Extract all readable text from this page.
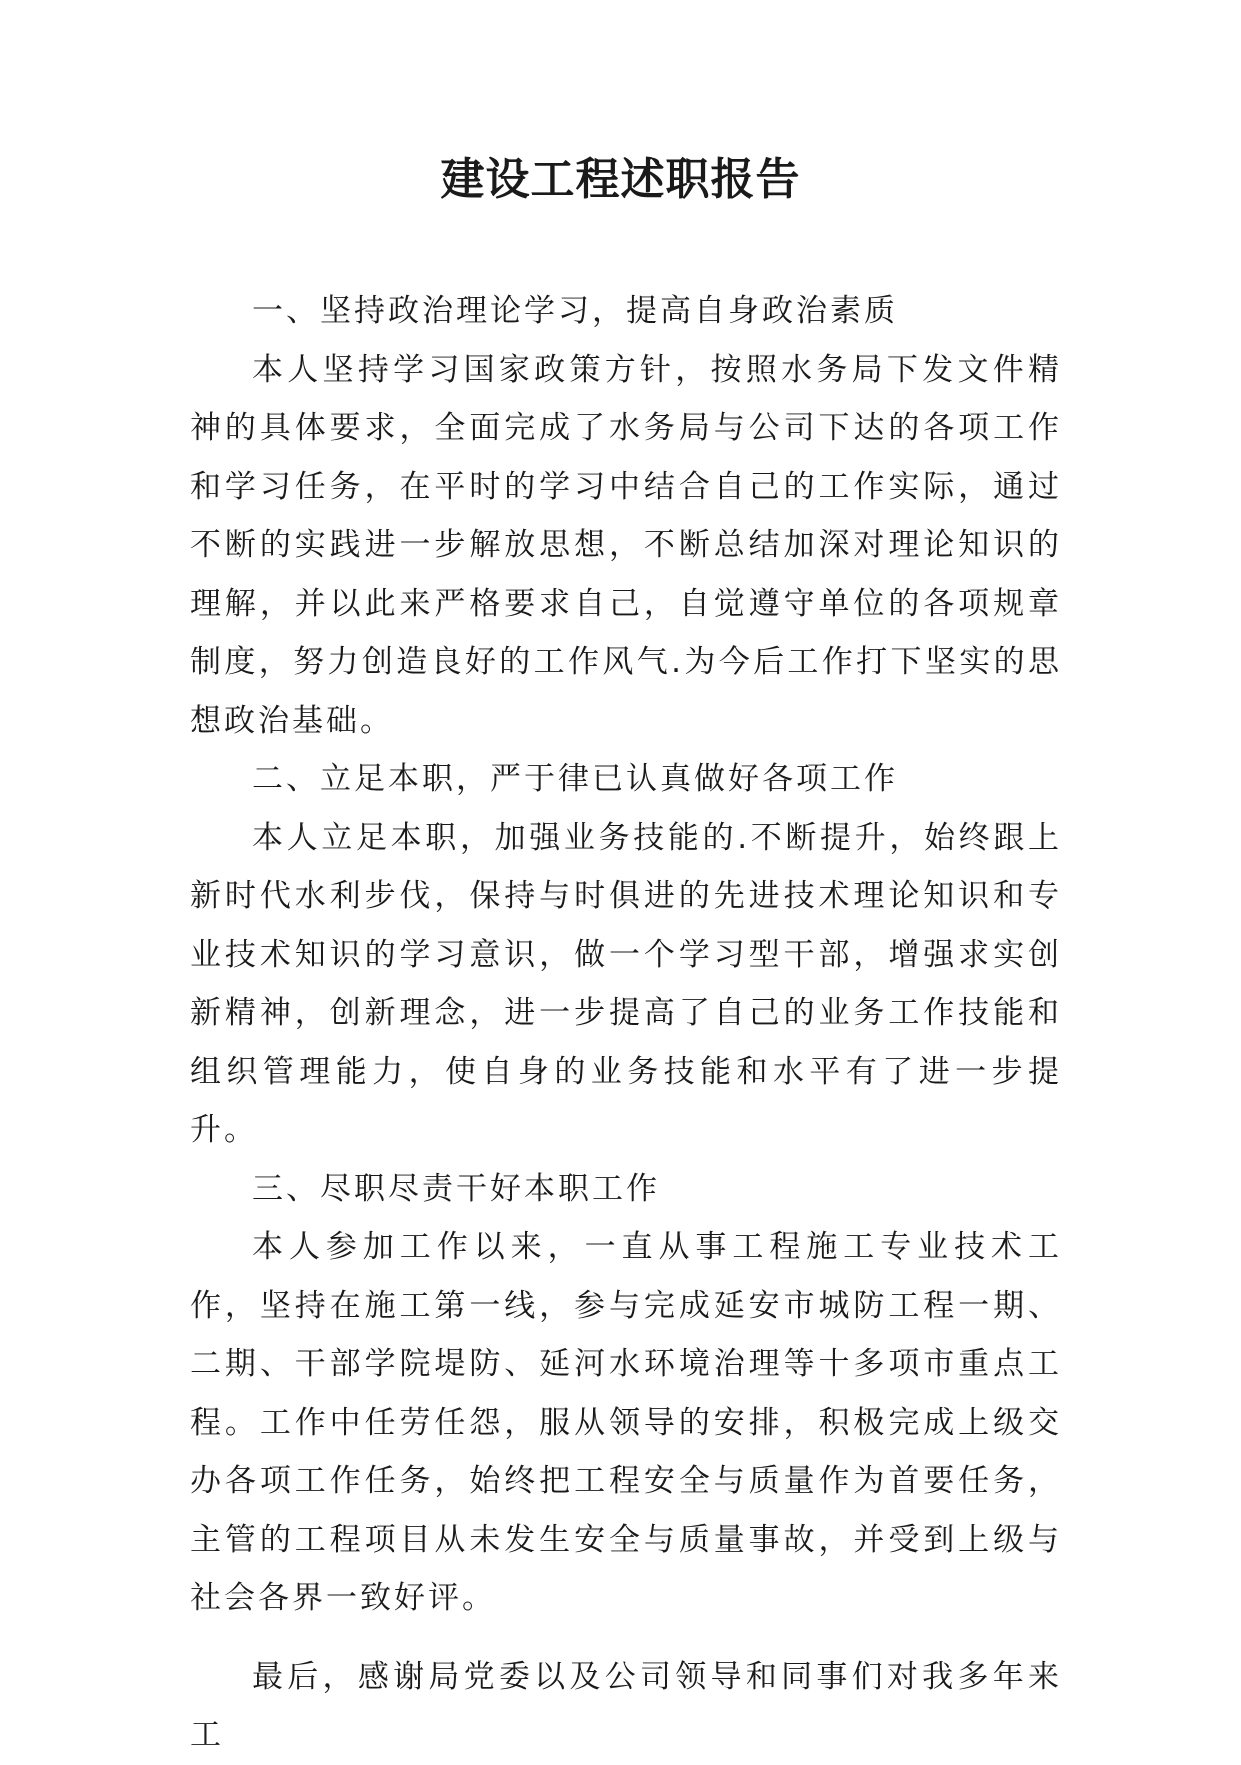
建设工程述职报告

一、坚持政治理论学习，提高自身政治素质

本人坚持学习国家政策方针，按照水务局下发文件精神的具体要求，全面完成了水务局与公司下达的各项工作和学习任务，在平时的学习中结合自己的工作实际，通过不断的实践进一步解放思想，不断总结加深对理论知识的理解，并以此来严格要求自己，自觉遵守单位的各项规章制度，努力创造良好的工作风气.为今后工作打下坚实的思想政治基础。

二、立足本职，严于律已认真做好各项工作

本人立足本职，加强业务技能的.不断提升，始终跟上新时代水利步伐，保持与时俱进的先进技术理论知识和专业技术知识的学习意识，做一个学习型干部，增强求实创新精神，创新理念，进一步提高了自己的业务工作技能和组织管理能力，使自身的业务技能和水平有了进一步提升。

三、尽职尽责干好本职工作

本人参加工作以来，一直从事工程施工专业技术工作，坚持在施工第一线，参与完成延安市城防工程一期、二期、干部学院堤防、延河水环境治理等十多项市重点工程。工作中任劳任怨，服从领导的安排，积极完成上级交办各项工作任务，始终把工程安全与质量作为首要任务，主管的工程项目从未发生安全与质量事故，并受到上级与社会各界一致好评。

最后，感谢局党委以及公司领导和同事们对我多年来工
